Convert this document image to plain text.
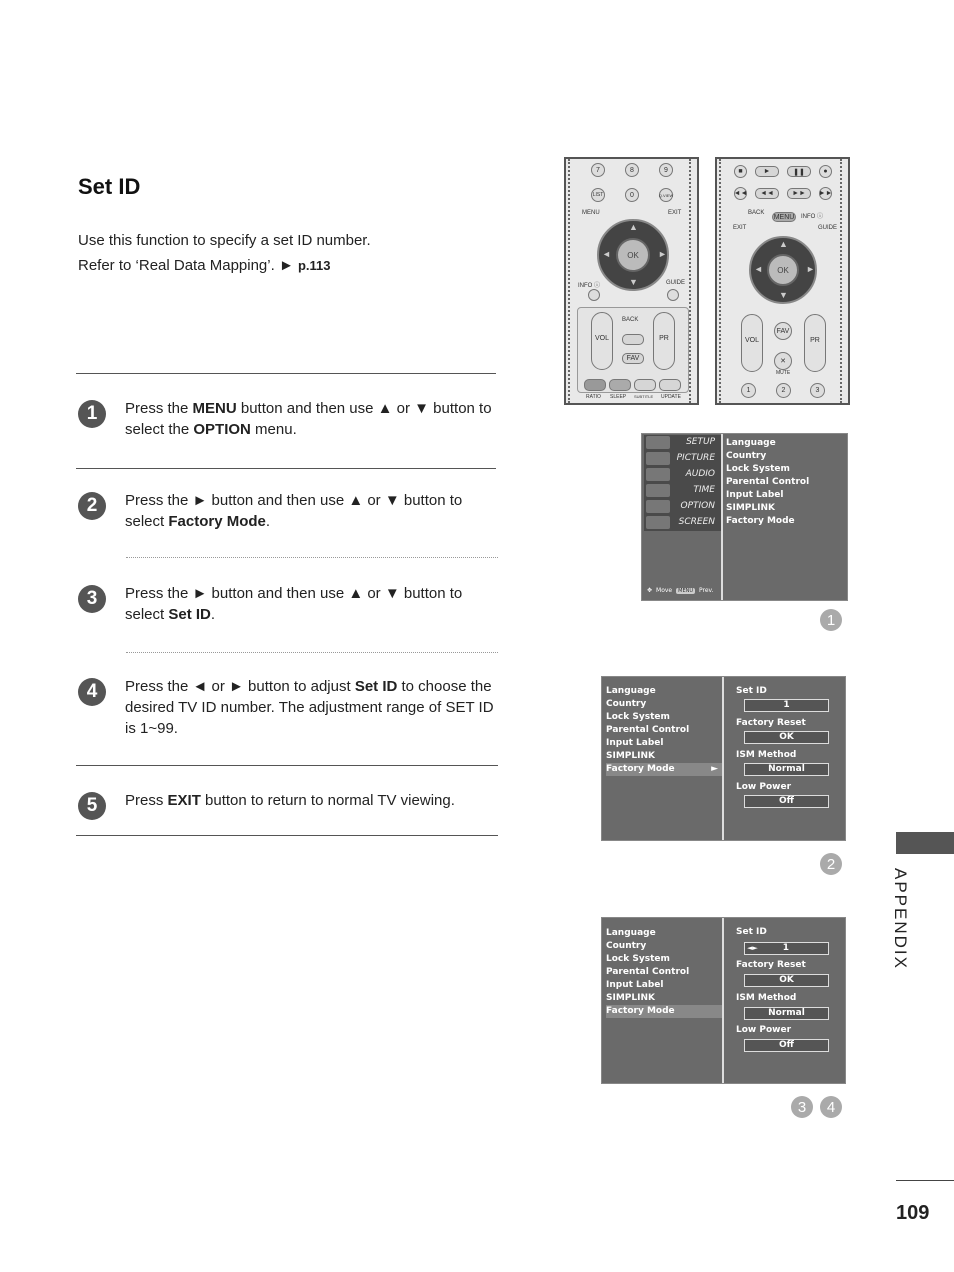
Set ID
Use this function to specify a set ID number.
Refer to ‘Real Data Mapping’. ► p.113
1	Press the MENU button and then use ▲ or ▼ button to select the OPTION menu.
2	Press the ► button and then use ▲ or ▼ button to select Factory Mode.
3	Press the ► button and then use ▲ or ▼ button to select Set ID.
4	Press the ◄ or ► button to adjust Set ID to choose the desired TV ID number. The adjustment range of SET ID is 1~99.
5	Press EXIT button to return to normal TV viewing.
7	8	9
LIST	0	Q.VIEW
MENU	EXIT
OK
▲
▼
◄	►
INFO ⓘ	GUIDE
VOL	PR
BACK
FAV
RATIO SLEEP SUBTITLE UPDATE
■	►	❚❚	●
◄◄	◄◄	►►	►►
BACK
MENU INFO ⓘ
EXIT	GUIDE
OK
▲
▼
◄	►
VOL	PR
FAV
✕
MUTE
1	2	3
SETUP
PICTURE
AUDIO
TIME
OPTION
SCREEN
Language
Country
Lock System
Parental Control
Input Label
SIMPLINK
Factory Mode
✥ Move	MENU	Prev.
Language
Country
Lock System
Parental Control
Input Label
SIMPLINK
Factory Mode	►
Set ID
1
Factory Reset
OK
ISM Method
Normal
Low Power
Off
Language
Country
Lock System
Parental Control
Input Label
SIMPLINK
Factory Mode
Set ID
◄►	1
Factory Reset
OK
ISM Method
Normal
Low Power
Off
1
2
3	4
APPENDIX
109
